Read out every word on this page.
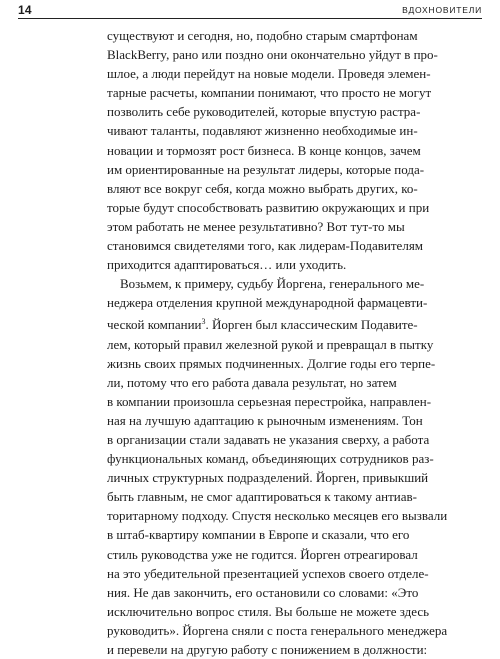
14	ВДОХНОВИТЕЛИ
существуют и сегодня, но, подобно старым смартфонам
BlackBerry, рано или поздно они окончательно уйдут в про-
шлое, а люди перейдут на новые модели. Проведя элемен-
тарные расчеты, компании понимают, что просто не могут
позволить себе руководителей, которые впустую растра-
чивают таланты, подавляют жизненно необходимые ин-
новации и тормозят рост бизнеса. В конце концов, зачем
им ориентированные на результат лидеры, которые пода-
вляют все вокруг себя, когда можно выбрать других, ко-
торые будут способствовать развитию окружающих и при
этом работать не менее результативно? Вот тут-то мы
становимся свидетелями того, как лидерам-Подавителям
приходится адаптироваться… или уходить.
Возьмем, к примеру, судьбу Йоргена, генерального ме-
неджера отделения крупной международной фармацевти-
ческой компании$^3$. Йорген был классическим Подавите-
лем, который правил железной рукой и превращал в пытку
жизнь своих прямых подчиненных. Долгие годы его терпе-
ли, потому что его работа давала результат, но затем
в компании произошла серьезная перестройка, направлен-
ная на лучшую адаптацию к рыночным изменениям. Тон
в организации стали задавать не указания сверху, а работа
функциональных команд, объединяющих сотрудников раз-
личных структурных подразделений. Йорген, привыкший
быть главным, не смог адаптироваться к такому антиав-
торитарному подходу. Спустя несколько месяцев его вызвали
в штаб-квартиру компании в Европе и сказали, что его
стиль руководства уже не годится. Йорген отреагировал
на это убедительной презентацией успехов своего отделе-
ния. Не дав закончить, его остановили со словами: «Это
исключительно вопрос стиля. Вы больше не можете здесь
руководить». Йоргена сняли с поста генерального менеджера
и перевели на другую работу с понижением в должности:
